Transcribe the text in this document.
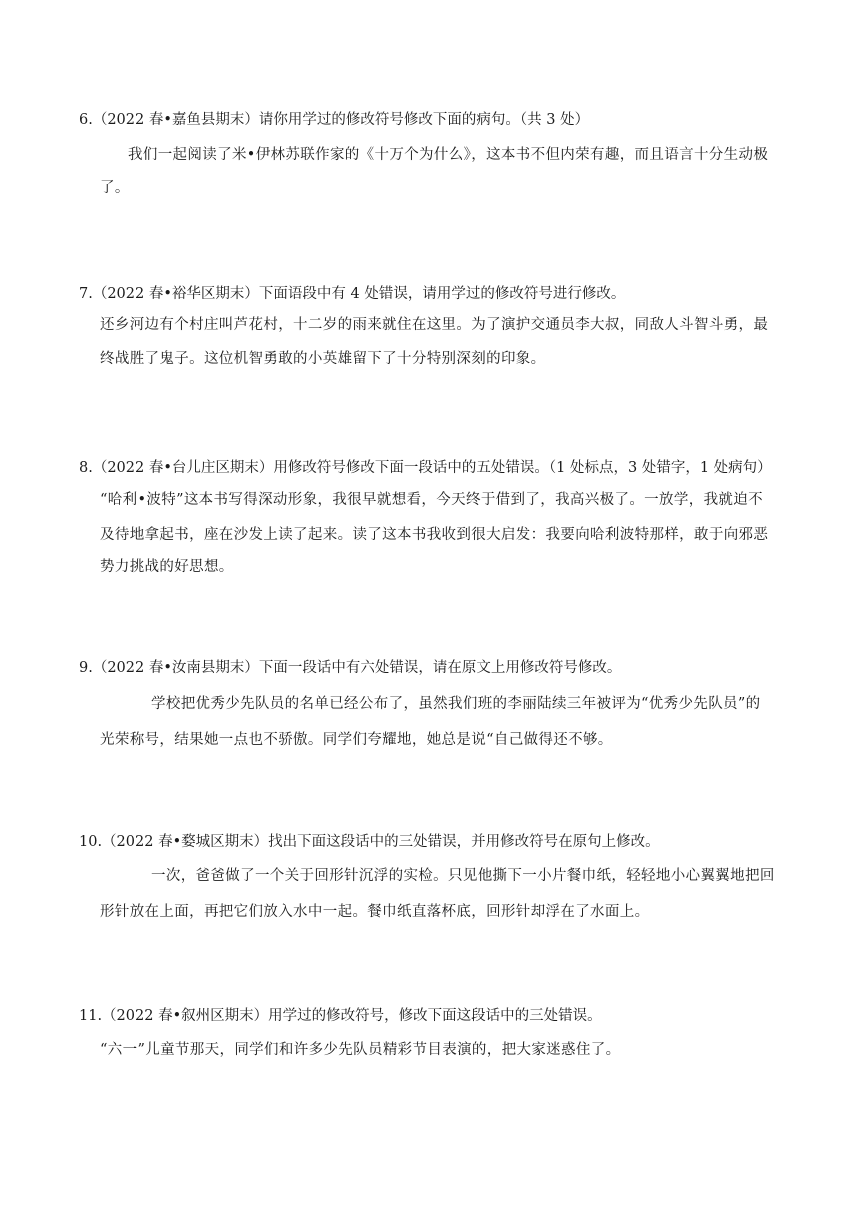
6.（2022 春•嘉鱼县期末）请你用学过的修改符号修改下面的病句。（共 3 处）
我们一起阅读了米•伊林苏联作家的《十万个为什么》，这本书不但内荣有趣，而且语言十分生动极
了。
7.（2022 春•裕华区期末）下面语段中有 4 处错误，请用学过的修改符号进行修改。
还乡河边有个村庄叫芦花村，十二岁的雨来就住在这里。为了演护交通员李大叔，同敌人斗智斗勇，最
终战胜了鬼子。这位机智勇敢的小英雄留下了十分特别深刻的印象。
8.（2022 春•台儿庄区期末）用修改符号修改下面一段话中的五处错误。（1 处标点，3 处错字，1 处病句）
“哈利•波特”这本书写得深动形象，我很早就想看，今天终于借到了，我高兴极了。一放学，我就迫不
及待地拿起书，座在沙发上读了起来。读了这本书我收到很大启发：我要向哈利波特那样，敢于向邪恶
势力挑战的好思想。
9.（2022 春•汝南县期末）下面一段话中有六处错误，请在原文上用修改符号修改。
学校把优秀少先队员的名单已经公布了，虽然我们班的李丽陆续三年被评为“优秀少先队员”的
光荣称号，结果她一点也不骄傲。同学们夸耀地，她总是说“自己做得还不够。
10.（2022 春•婺城区期末）找出下面这段话中的三处错误，并用修改符号在原句上修改。
一次，爸爸做了一个关于回形针沉浮的实检。只见他撕下一小片餐巾纸，轻轻地小心翼翼地把回
形针放在上面，再把它们放入水中一起。餐巾纸直落杯底，回形针却浮在了水面上。
11.（2022 春•叙州区期末）用学过的修改符号，修改下面这段话中的三处错误。
“六一”儿童节那天，同学们和许多少先队员精彩节目表演的，把大家迷惑住了。
